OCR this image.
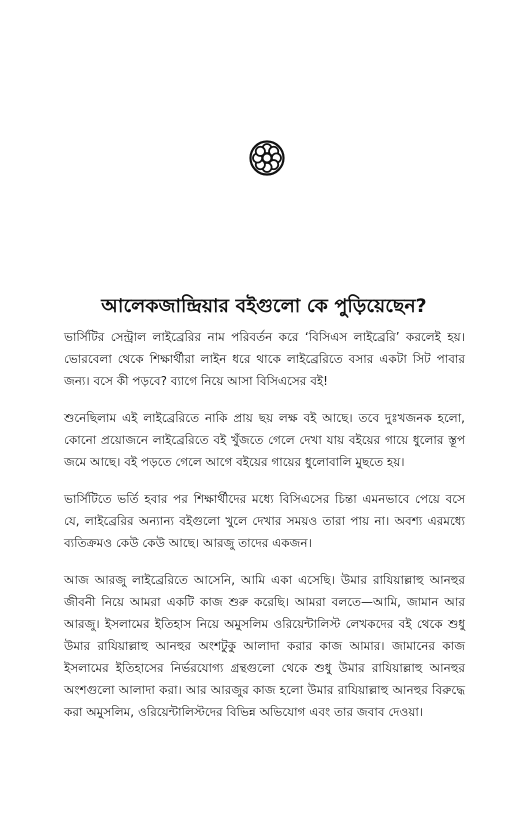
আলেকজান্দ্রিয়ার বইগুলো কে পুড়িয়েছেন?

ভার্সিটির সেন্ট্রাল লাইব্রেরির নাম পরিবর্তন করে ‘বিসিএস লাইব্রেরি’ করলেই হয়। ভোরবেলা থেকে শিক্ষার্থীরা লাইন ধরে থাকে লাইব্রেরিতে বসার একটা সিট পাবার জন্য। বসে কী পড়বে? ব্যাগে নিয়ে আসা বিসিএসের বই!

শুনেছিলাম এই লাইব্রেরিতে নাকি প্রায় ছয় লক্ষ বই আছে। তবে দুঃখজনক হলো, কোনো প্রয়োজনে লাইব্রেরিতে বই খুঁজতে গেলে দেখা যায় বইয়ের গায়ে ধুলোর স্তূপ জমে আছে। বই পড়তে গেলে আগে বইয়ের গায়ের ধুলোবালি মুছতে হয়।

ভার্সিটিতে ভর্তি হবার পর শিক্ষার্থীদের মধ্যে বিসিএসের চিন্তা এমনভাবে পেয়ে বসে যে, লাইব্রেরির অন্যান্য বইগুলো খুলে দেখার সময়ও তারা পায় না। অবশ্য এরমধ্যে ব্যতিক্রমও কেউ কেউ আছে। আরজু তাদের একজন।

আজ আরজু লাইব্রেরিতে আসেনি, আমি একা এসেছি। উমার রাযিয়াল্লাহু আনহুর জীবনী নিয়ে আমরা একটি কাজ শুরু করেছি। আমরা বলতে—আমি, জামান আর আরজু। ইসলামের ইতিহাস নিয়ে অমুসলিম ওরিয়েন্টালিস্ট লেখকদের বই থেকে শুধু উমার রাযিয়াল্লাহু আনহুর অংশটুকু আলাদা করার কাজ আমার। জামানের কাজ ইসলামের ইতিহাসের নির্ভরযোগ্য গ্রন্থগুলো থেকে শুধু উমার রাযিয়াল্লাহু আনহুর অংশগুলো আলাদা করা। আর আরজুর কাজ হলো উমার রাযিয়াল্লাহু আনহুর বিরুদ্ধে করা অমুসলিম, ওরিয়েন্টালিস্টদের বিভিন্ন অভিযোগ এবং তার জবাব দেওয়া।
